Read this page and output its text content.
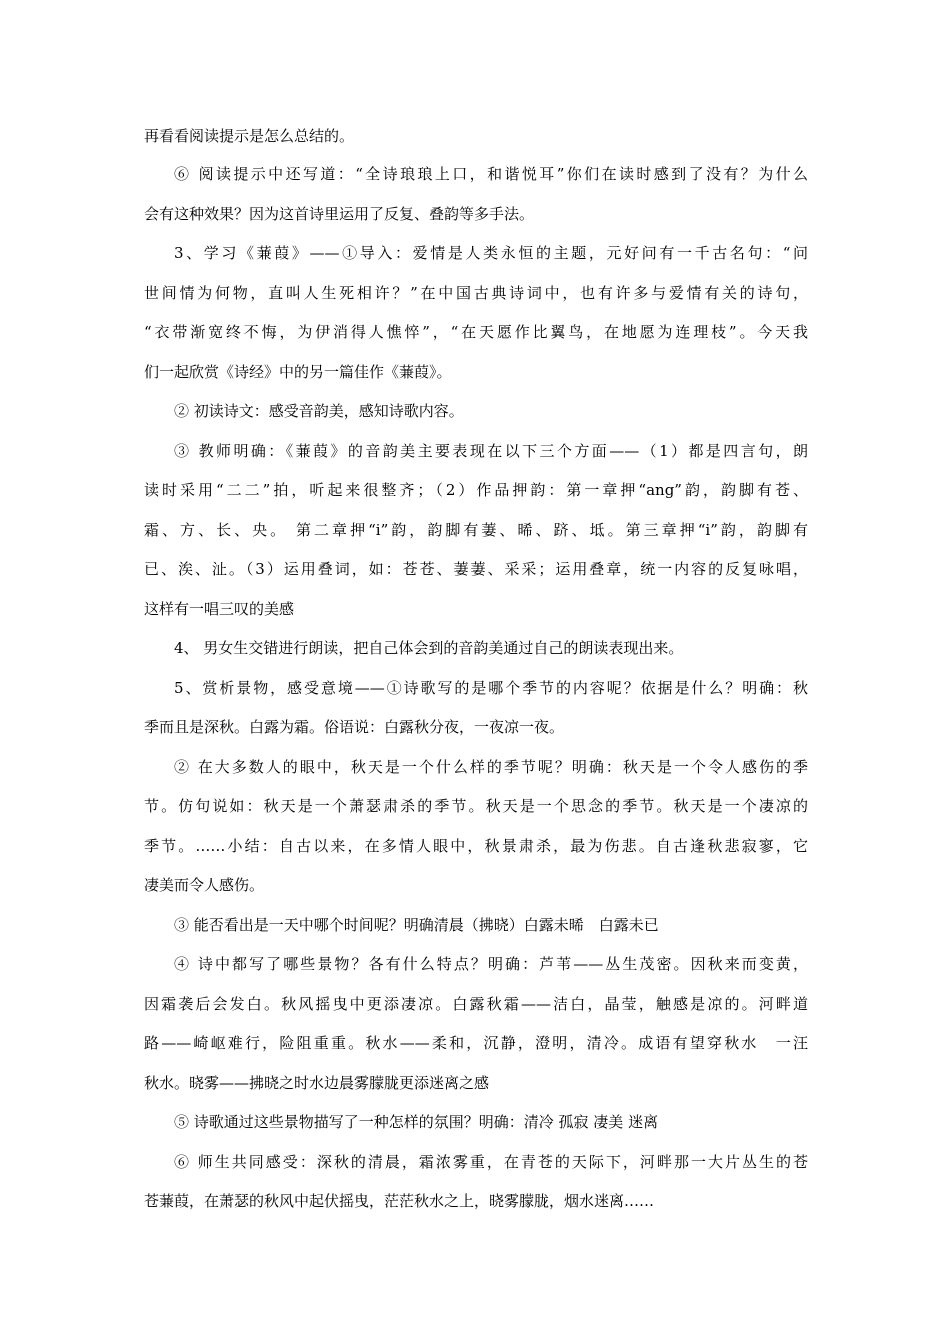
再看看阅读提示是怎么总结的。
⑥ 阅读提示中还写道：“全诗琅琅上口，和谐悦耳”你们在读时感到了没有？为什么
会有这种效果？因为这首诗里运用了反复、叠韵等多手法。
3、学习《蒹葭》——①导入：爱情是人类永恒的主题，元好问有一千古名句：“问
世间情为何物，直叫人生死相许？”在中国古典诗词中，也有许多与爱情有关的诗句，
“衣带渐宽终不悔，为伊消得人憔悴”，“在天愿作比翼鸟，在地愿为连理枝”。今天我
们一起欣赏《诗经》中的另一篇佳作《蒹葭》。
② 初读诗文：感受音韵美，感知诗歌内容。
③ 教师明确：《蒹葭》的音韵美主要表现在以下三个方面——（1）都是四言句，朗
读时采用“二二”拍，听起来很整齐；（2）作品押韵：第一章押“ang”韵，韵脚有苍、
霜、方、长、央。 第二章押“i”韵，韵脚有萋、晞、跻、坻。第三章押“i”韵，韵脚有
已、涘、沚。（3）运用叠词，如：苍苍、萋萋、采采；运用叠章，统一内容的反复咏唱，
这样有一唱三叹的美感
4、 男女生交错进行朗读，把自己体会到的音韵美通过自己的朗读表现出来。
5、赏析景物，感受意境——①诗歌写的是哪个季节的内容呢？依据是什么？明确：秋
季而且是深秋。白露为霜。俗语说：白露秋分夜，一夜凉一夜。
② 在大多数人的眼中，秋天是一个什么样的季节呢？明确：秋天是一个令人感伤的季
节。仿句说如：秋天是一个萧瑟肃杀的季节。秋天是一个思念的季节。秋天是一个凄凉的
季节。……小结：自古以来，在多情人眼中，秋景肃杀，最为伤悲。自古逢秋悲寂寥，它
凄美而令人感伤。
③ 能否看出是一天中哪个时间呢？明确清晨（拂晓）白露未晞　白露未已
④ 诗中都写了哪些景物？各有什么特点？明确：芦苇——丛生茂密。因秋来而变黄，
因霜袭后会发白。秋风摇曳中更添凄凉。白露秋霜——洁白，晶莹，触感是凉的。河畔道
路——崎岖难行，险阻重重。秋水——柔和，沉静，澄明，清冷。成语有望穿秋水　一汪
秋水。晓雾——拂晓之时水边晨雾朦胧更添迷离之感
⑤ 诗歌通过这些景物描写了一种怎样的氛围？明确：清冷 孤寂 凄美 迷离
⑥ 师生共同感受：深秋的清晨，霜浓雾重，在青苍的天际下，河畔那一大片丛生的苍
苍蒹葭，在萧瑟的秋风中起伏摇曳，茫茫秋水之上，晓雾朦胧，烟水迷离……
